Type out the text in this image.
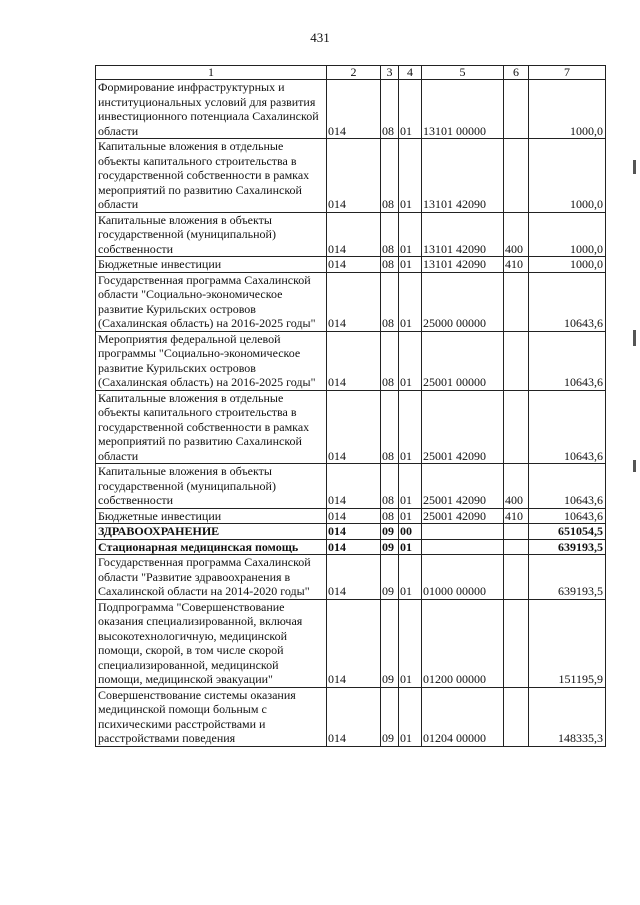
431
1	2	3	4	5	6	7
Формирование инфраструктурных и институциональных условий для развития инвестиционного потенциала Сахалинской области	014	08	01	13101 00000		1000,0
Капитальные вложения в отдельные объекты капитального строительства в государственной собственности в рамках мероприятий по развитию Сахалинской области	014	08	01	13101 42090		1000,0
Капитальные вложения в объекты государственной (муниципальной) собственности	014	08	01	13101 42090	400	1000,0
Бюджетные инвестиции	014	08	01	13101 42090	410	1000,0
Государственная программа Сахалинской области "Социально-экономическое развитие Курильских островов (Сахалинская область) на 2016-2025 годы"	014	08	01	25000 00000		10643,6
Мероприятия федеральной целевой программы "Социально-экономическое развитие Курильских островов (Сахалинская область) на 2016-2025 годы"	014	08	01	25001 00000		10643,6
Капитальные вложения в отдельные объекты капитального строительства в государственной собственности в рамках мероприятий по развитию Сахалинской области	014	08	01	25001 42090		10643,6
Капитальные вложения в объекты государственной (муниципальной) собственности	014	08	01	25001 42090	400	10643,6
Бюджетные инвестиции	014	08	01	25001 42090	410	10643,6
ЗДРАВООХРАНЕНИЕ	014	09	00			651054,5
Стационарная медицинская помощь	014	09	01			639193,5
Государственная программа Сахалинской области "Развитие здравоохранения в Сахалинской области на 2014-2020 годы"	014	09	01	01000 00000		639193,5
Подпрограмма "Совершенствование оказания специализированной, включая высокотехнологичную, медицинской помощи, скорой, в том числе скорой специализированной, медицинской помощи, медицинской эвакуации"	014	09	01	01200 00000		151195,9
Совершенствование системы оказания медицинской помощи больным с психическими расстройствами и расстройствами поведения	014	09	01	01204 00000		148335,3
